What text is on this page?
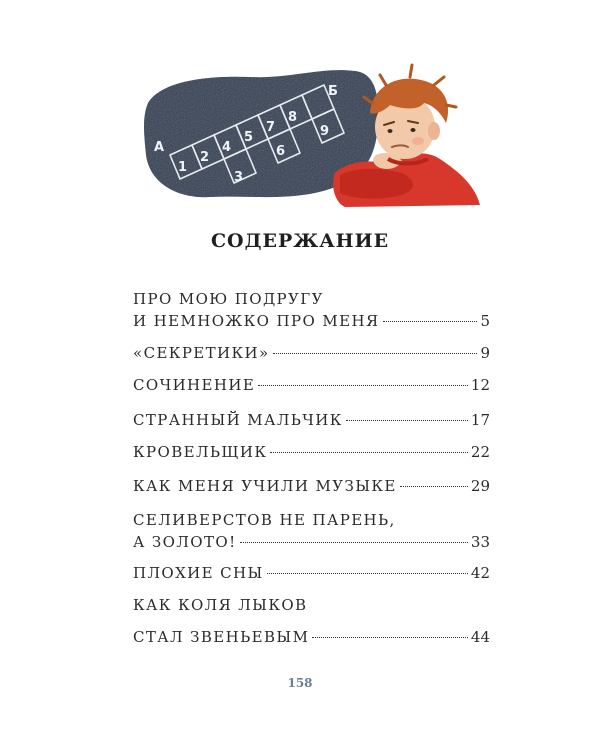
А
1
2
3
4
5
6
7
8
9
Б
СОДЕРЖАНИЕ
ПРО МОЮ ПОДРУГУ
И НЕМНОЖКО ПРО МЕНЯ	5
«СЕКРЕТИКИ»	9
СОЧИНЕНИЕ	12
СТРАННЫЙ МАЛЬЧИК	17
КРОВЕЛЬЩИК	22
КАК МЕНЯ УЧИЛИ МУЗЫКЕ	29
СЕЛИВЕРСТОВ НЕ ПАРЕНЬ,
А ЗОЛОТО!	33
ПЛОХИЕ СНЫ	42
КАК КОЛЯ ЛЫКОВ
СТАЛ ЗВЕНЬЕВЫМ	44
158
